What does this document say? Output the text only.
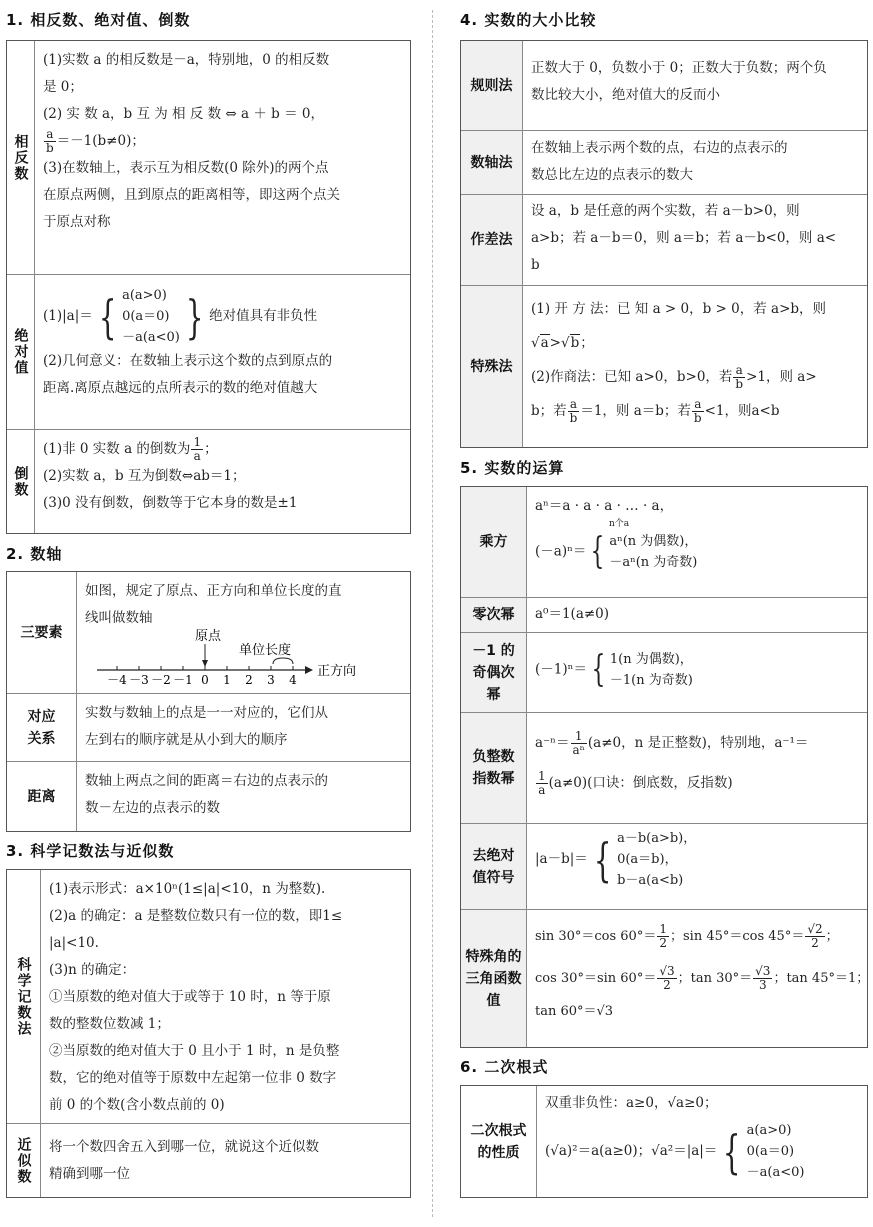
1. 相反数、绝对值、倒数
相反数
(1)实数 a 的相反数是－a，特别地，0 的相反数
是 0；
(2) 实 数 a，b 互 为 相 反 数 ⇔ a ＋ b ＝ 0，
$\frac{a}{b} =-1(b\ne 0)$；
(3)在数轴上，表示互为相反数(0 除外)的两个点
在原点两侧，且到原点的距离相等，即这两个点关
于原点对称
绝对值
(1)|a|＝ { a(a>0)
0(a＝0)
－a(a<0) } 绝对值具有非负性
(2)几何意义：在数轴上表示这个数的点到原点的
距离.离原点越远的点所表示的数的绝对值越大
倒数
(1)非 0 实数 a 的倒数为 $\frac{1}{a}$ ；
(2)实数 a，b 互为倒数⇔ab＝1；
(3)0 没有倒数，倒数等于它本身的数是±1
2. 数轴
三要素
如图，规定了原点、正方向和单位长度的直
线叫做数轴
－4 －3 －2 －1 0 1 2 3 4
原点
单位长度
正方向
对应关系
实数与数轴上的点是一一对应的，它们从
左到右的顺序就是从小到大的顺序
距离
数轴上两点之间的距离＝右边的点表示的
数－左边的点表示的数
3. 科学记数法与近似数
科学记数法
(1)表示形式：a×10ⁿ(1≤|a|<10，n 为整数).
(2)a 的确定：a 是整数位数只有一位的数，即1≤
|a|<10.
(3)n 的确定：
①当原数的绝对值大于或等于 10 时，n 等于原
数的整数位数减 1；
②当原数的绝对值大于 0 且小于 1 时，n 是负整
数，它的绝对值等于原数中左起第一位非 0 数字
前 0 的个数(含小数点前的 0)
近似数	将一个数四舍五入到哪一位，就说这个近似数
精确到哪一位
4. 实数的大小比较
规则法
正数大于 0，负数小于 0；正数大于负数；两个负
数比较大小，绝对值大的反而小
数轴法
在数轴上表示两个数的点，右边的点表示的
数总比左边的点表示的数大
作差法
设 a，b 是任意的两个实数，若 a－b>0，则
a>b；若 a－b＝0，则 a＝b；若 a－b<0，则 a<
b
特殊法
(1) 开 方 法：已 知 a > 0，b > 0，若 a>b，则
√a>√b；
(2)作商法：已知 a>0，b>0，若 $\frac{a}{b} >1$，则 a>
b；若 $\frac{a}{b} =1$，则 a＝b；若 $\frac{a}{b} <1$，则a<b
5. 实数的运算
乘方
aⁿ＝a · a · a · … · a，
n个a
(－a)ⁿ＝ { aⁿ(n 为偶数)，
－aⁿ(n 为奇数)
零次幂	a⁰＝1(a≠0)
－1 的奇偶次幂
(－1)ⁿ＝ { 1(n 为偶数)，
－1(n 为奇数)
负整数指数幂
$a^{-n}= \frac{1}{\text{aⁿ}} (a\ne 0$，n 是正整数)，特别地，a⁻¹＝
$\frac{1}{a} (a\ne 0)$(口诀：倒底数，反指数)
去绝对值符号
|a－b|＝ { a－b(a>b)，
0(a＝b)，
b－a(a<b)
特殊角的三角函数值
sin 30°＝cos $60^\circ= \frac{1}{2}$ ；sin 45°＝cos $45^\circ= \frac{√2}{2}$ ；
cos 30°＝sin $60^\circ= \frac{√3}{2}$ ；$\tan 30^\circ= \frac{√3}{3}$ ；tan 45°＝1；
tan 60°＝√3
6. 二次根式
二次根式的性质
双重非负性：a≥0，√a≥0；
(√a)²＝a(a≥0)；√a²＝|a|＝ { a(a>0)
0(a＝0)
－a(a<0)
